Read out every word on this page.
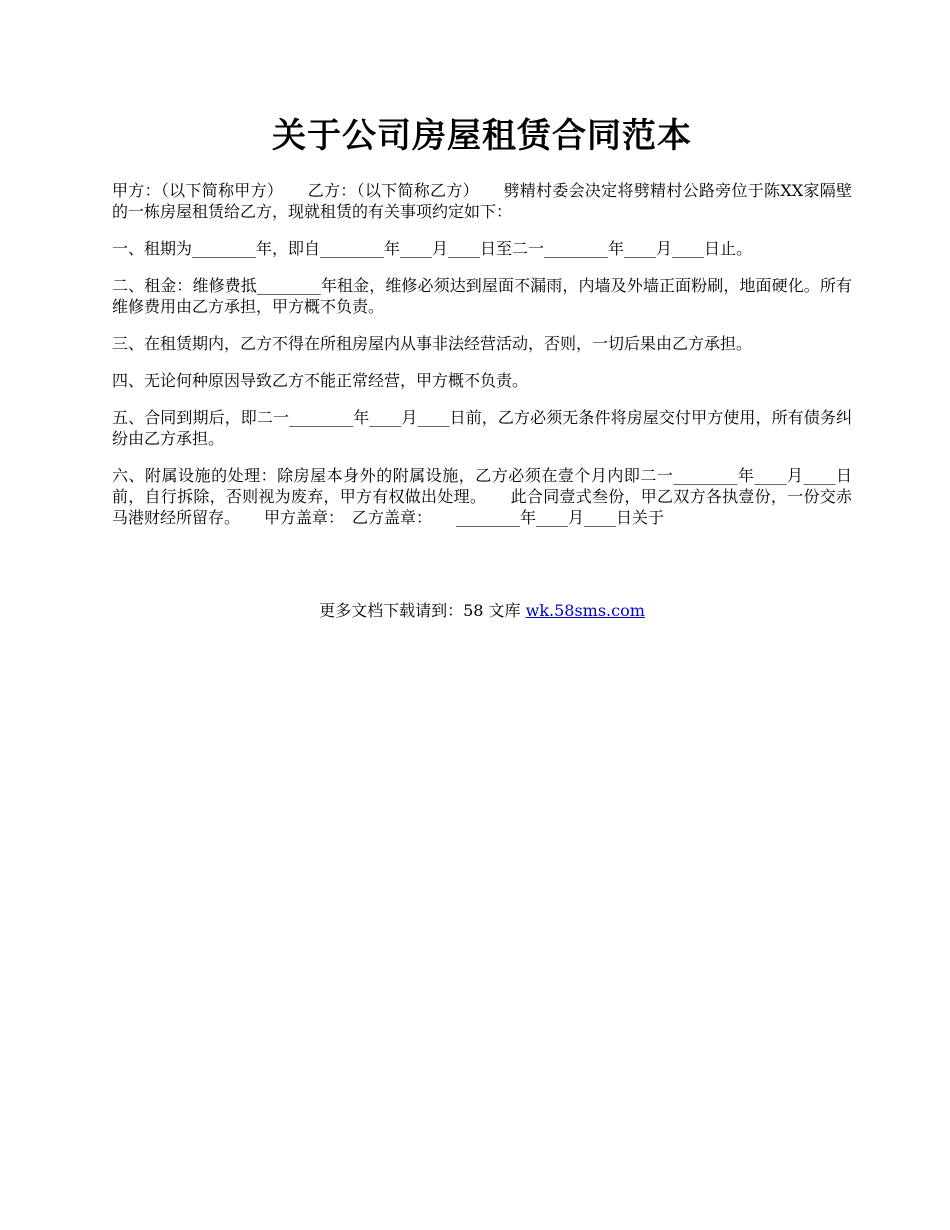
关于公司房屋租赁合同范本

甲方：（以下简称甲方）　　乙方：（以下简称乙方）　　劈精村委会决定将劈精村公路旁位于陈XX家隔壁的一栋房屋租赁给乙方，现就租赁的有关事项约定如下：

一、租期为________年，即自________年____月____日至二一________年____月____日止。

二、租金：维修费抵________年租金，维修必须达到屋面不漏雨，内墙及外墙正面粉刷，地面硬化。所有维修费用由乙方承担，甲方概不负责。

三、在租赁期内，乙方不得在所租房屋内从事非法经营活动，否则，一切后果由乙方承担。

四、无论何种原因导致乙方不能正常经营，甲方概不负责。

五、合同到期后，即二一________年____月____日前，乙方必须无条件将房屋交付甲方使用，所有债务纠纷由乙方承担。

六、附属设施的处理：除房屋本身外的附属设施，乙方必须在壹个月内即二一________年____月____日前，自行拆除，否则视为废弃，甲方有权做出处理。　　此合同壹式叁份，甲乙双方各执壹份，一份交赤马港财经所留存。　　甲方盖章：　乙方盖章：　　________年____月____日关于

更多文档下载请到：58 文库 wk.58sms.com
